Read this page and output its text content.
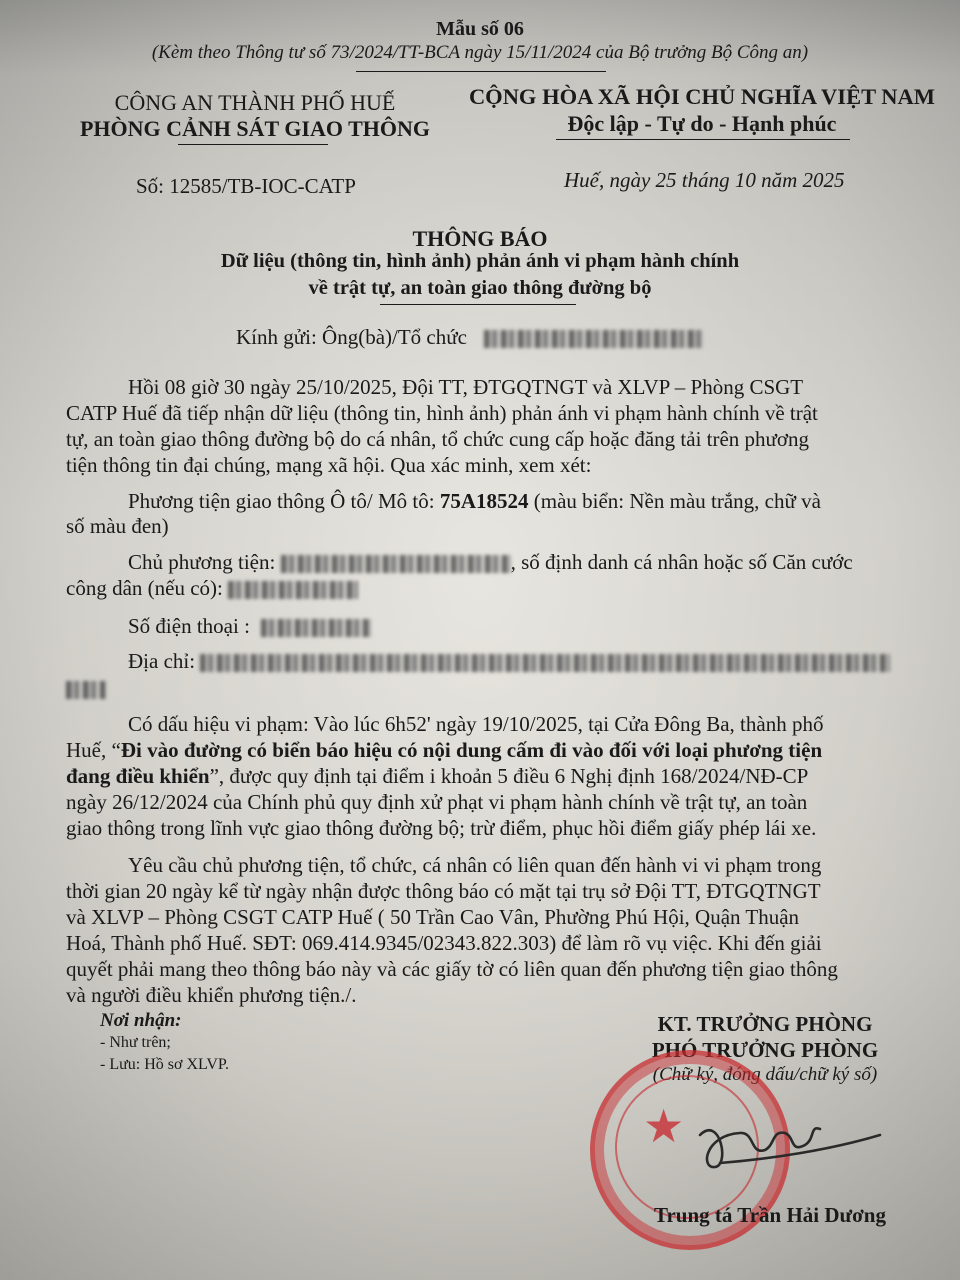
Mẫu số 06
(Kèm theo Thông tư số 73/2024/TT-BCA ngày 15/11/2024 của Bộ trưởng Bộ Công an)
CÔNG AN THÀNH PHỐ HUẾ
PHÒNG CẢNH SÁT GIAO THÔNG
CỘNG HÒA XÃ HỘI CHỦ NGHĨA VIỆT NAM
Độc lập - Tự do - Hạnh phúc
Số: 12585/TB-IOC-CATP	Huế, ngày 25 tháng 10 năm 2025
THÔNG BÁO
Dữ liệu (thông tin, hình ảnh) phản ánh vi phạm hành chính
về trật tự, an toàn giao thông đường bộ
Kính gửi: Ông(bà)/Tổ chức
Hồi 08 giờ 30 ngày 25/10/2025, Đội TT, ĐTGQTNGT và XLVP – Phòng CSGT
CATP Huế đã tiếp nhận dữ liệu (thông tin, hình ảnh) phản ánh vi phạm hành chính về trật
tự, an toàn giao thông đường bộ do cá nhân, tổ chức cung cấp hoặc đăng tải trên phương
tiện thông tin đại chúng, mạng xã hội. Qua xác minh, xem xét:
Phương tiện giao thông Ô tô/ Mô tô: 75A18524 (màu biển: Nền màu trắng, chữ và
số màu đen)
Chủ phương tiện:	, số định danh cá nhân hoặc số Căn cước
công dân (nếu có):
Số điện thoại :
Địa chỉ:
Có dấu hiệu vi phạm: Vào lúc 6h52' ngày 19/10/2025, tại Cửa Đông Ba, thành phố
Huế, “Đi vào đường có biển báo hiệu có nội dung cấm đi vào đối với loại phương tiện
đang điều khiển”, được quy định tại điểm i khoản 5 điều 6 Nghị định 168/2024/NĐ-CP
ngày 26/12/2024 của Chính phủ quy định xử phạt vi phạm hành chính về trật tự, an toàn
giao thông trong lĩnh vực giao thông đường bộ; trừ điểm, phục hồi điểm giấy phép lái xe.
Yêu cầu chủ phương tiện, tổ chức, cá nhân có liên quan đến hành vi vi phạm trong
thời gian 20 ngày kể từ ngày nhận được thông báo có mặt tại trụ sở Đội TT, ĐTGQTNGT
và XLVP – Phòng CSGT CATP Huế ( 50 Trần Cao Vân, Phường Phú Hội, Quận Thuận
Hoá, Thành phố Huế. SĐT: 069.414.9345/02343.822.303) để làm rõ vụ việc. Khi đến giải
quyết phải mang theo thông báo này và các giấy tờ có liên quan đến phương tiện giao thông
và người điều khiển phương tiện./.
Nơi nhận:
- Như trên;
- Lưu: Hồ sơ XLVP.
KT. TRƯỞNG PHÒNG
PHÓ TRƯỞNG PHÒNG
(Chữ ký, đóng dấu/chữ ký số)
★
Trung tá Trần Hải Dương
